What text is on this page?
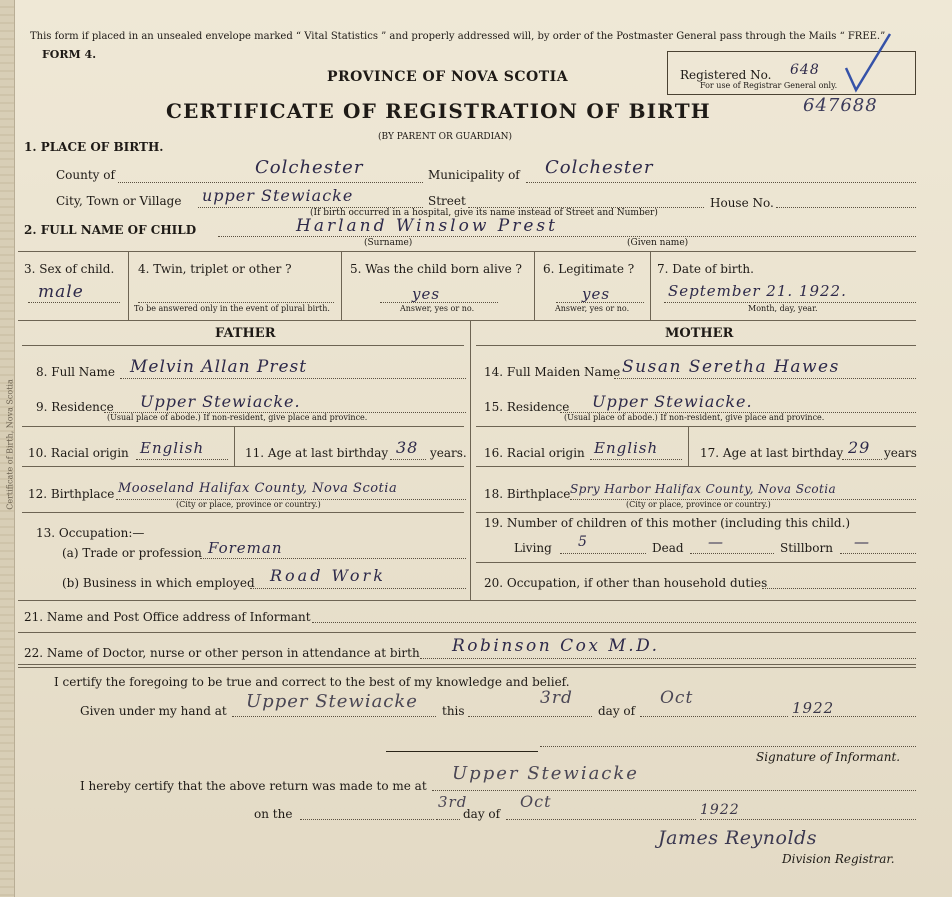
Certificate of Birth, Nova Scotia
This form if placed in an unsealed envelope marked “ Vital Statistics ” and properly addressed will, by order of the Postmaster General pass through the Mails “ FREE.”
FORM 4.
PROVINCE OF NOVA SCOTIA
CERTIFICATE OF REGISTRATION OF BIRTH
(BY PARENT OR GUARDIAN)
Registered No. 648
For use of Registrar General only.
647688
1. PLACE OF BIRTH.
County of	Colchester	Municipality of Colchester
City, Town or Village upper Stewiacke	Street	House No.
(If birth occurred in a hospital, give its name instead of Street and Number)
2. FULL NAME OF CHILD	Harland Winslow Prest
(Surname)	(Given name)
3. Sex of child.
male
4. Twin, triplet or other ?
To be answered only in the event of plural birth.
5. Was the child born alive ?
yes
Answer, yes or no.
6. Legitimate ?
yes
Answer, yes or no.
7. Date of birth.
September 21. 1922.
Month, day, year.
FATHER
8. Full Name Melvin Allan Prest
9. Residence Upper Stewiacke.
(Usual place of abode.) If non-resident, give place and province.
10. Racial origin English	11. Age at last birthday 38 years.
12. Birthplace Mooseland Halifax County, Nova Scotia
(City or place, province or country.)
13. Occupation:—
(a) Trade or profession Foreman
(b) Business in which employed Road Work
MOTHER
14. Full Maiden Name Susan Seretha Hawes
15. Residence Upper Stewiacke.
(Usual place of abode.) If non-resident, give place and province.
16. Racial origin English	17. Age at last birthday 29 years
18. Birthplace Spry Harbor Halifax County, Nova Scotia
(City or place, province or country.)
19. Number of children of this mother (including this child.)
Living 5	Dead —	Stillborn —
20. Occupation, if other than household duties
21. Name and Post Office address of Informant
22. Name of Doctor, nurse or other person in attendance at birth Robinson Cox M.D.
I certify the foregoing to be true and correct to the best of my knowledge and belief.
Given under my hand at Upper Stewiacke this
3rd
day of
Oct	1922
Signature of Informant.
I hereby certify that the above return was made to me at
Upper Stewiacke
on the
3rd
day of
Oct	1922
James Reynolds
Division Registrar.
